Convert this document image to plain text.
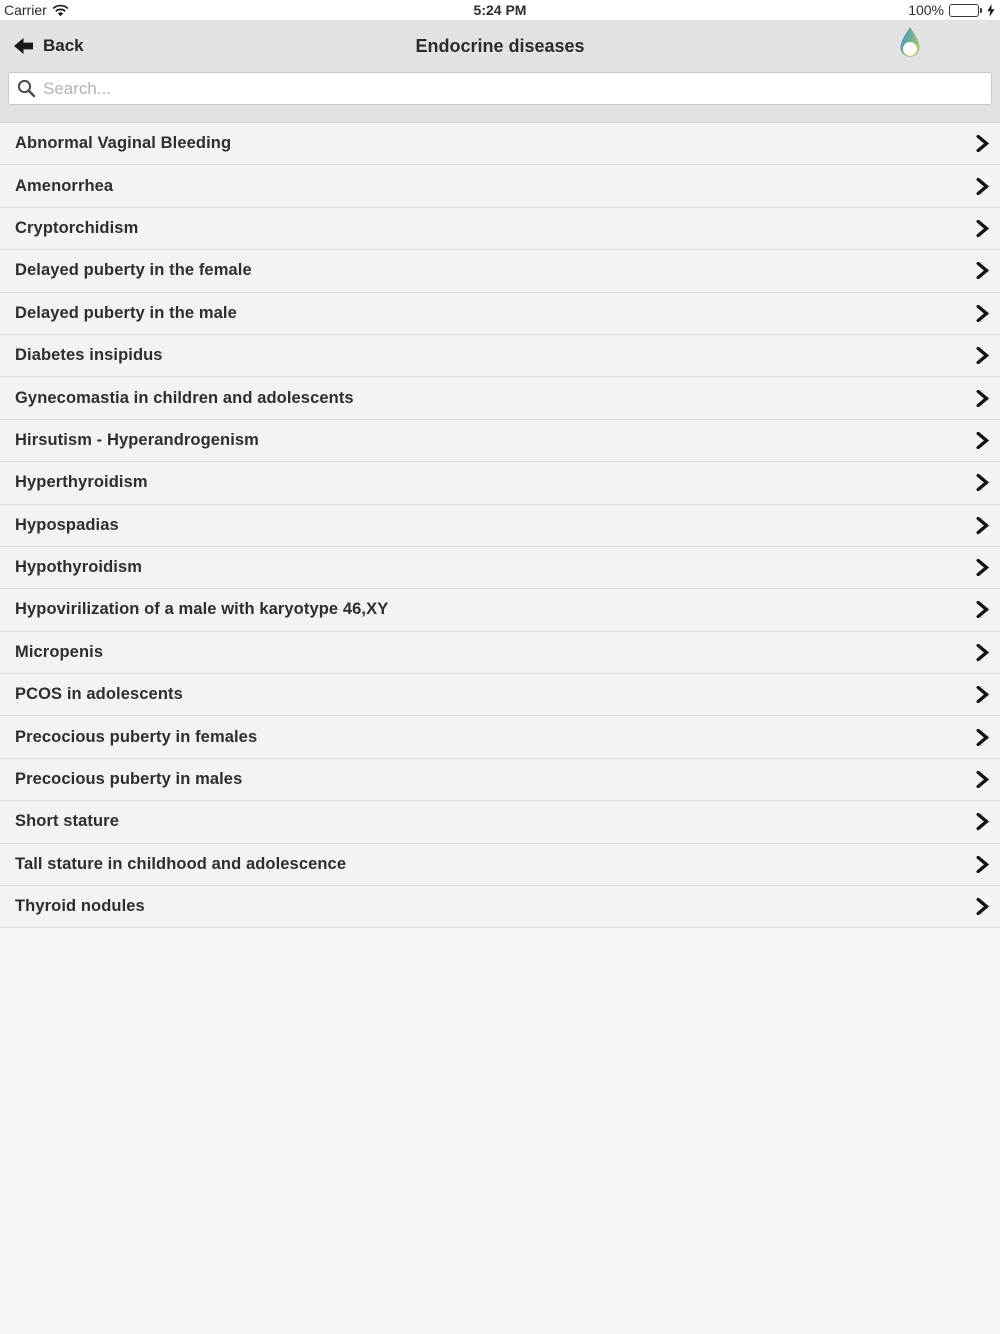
Carrier	5:24 PM	100%
Back	Endocrine diseases
Search...
Abnormal Vaginal Bleeding
Amenorrhea
Cryptorchidism
Delayed puberty in the female
Delayed puberty in the male
Diabetes insipidus
Gynecomastia in children and adolescents
Hirsutism - Hyperandrogenism
Hyperthyroidism
Hypospadias
Hypothyroidism
Hypovirilization of a male with karyotype 46,XY
Micropenis
PCOS in adolescents
Precocious puberty in females
Precocious puberty in males
Short stature
Tall stature in childhood and adolescence
Thyroid nodules
